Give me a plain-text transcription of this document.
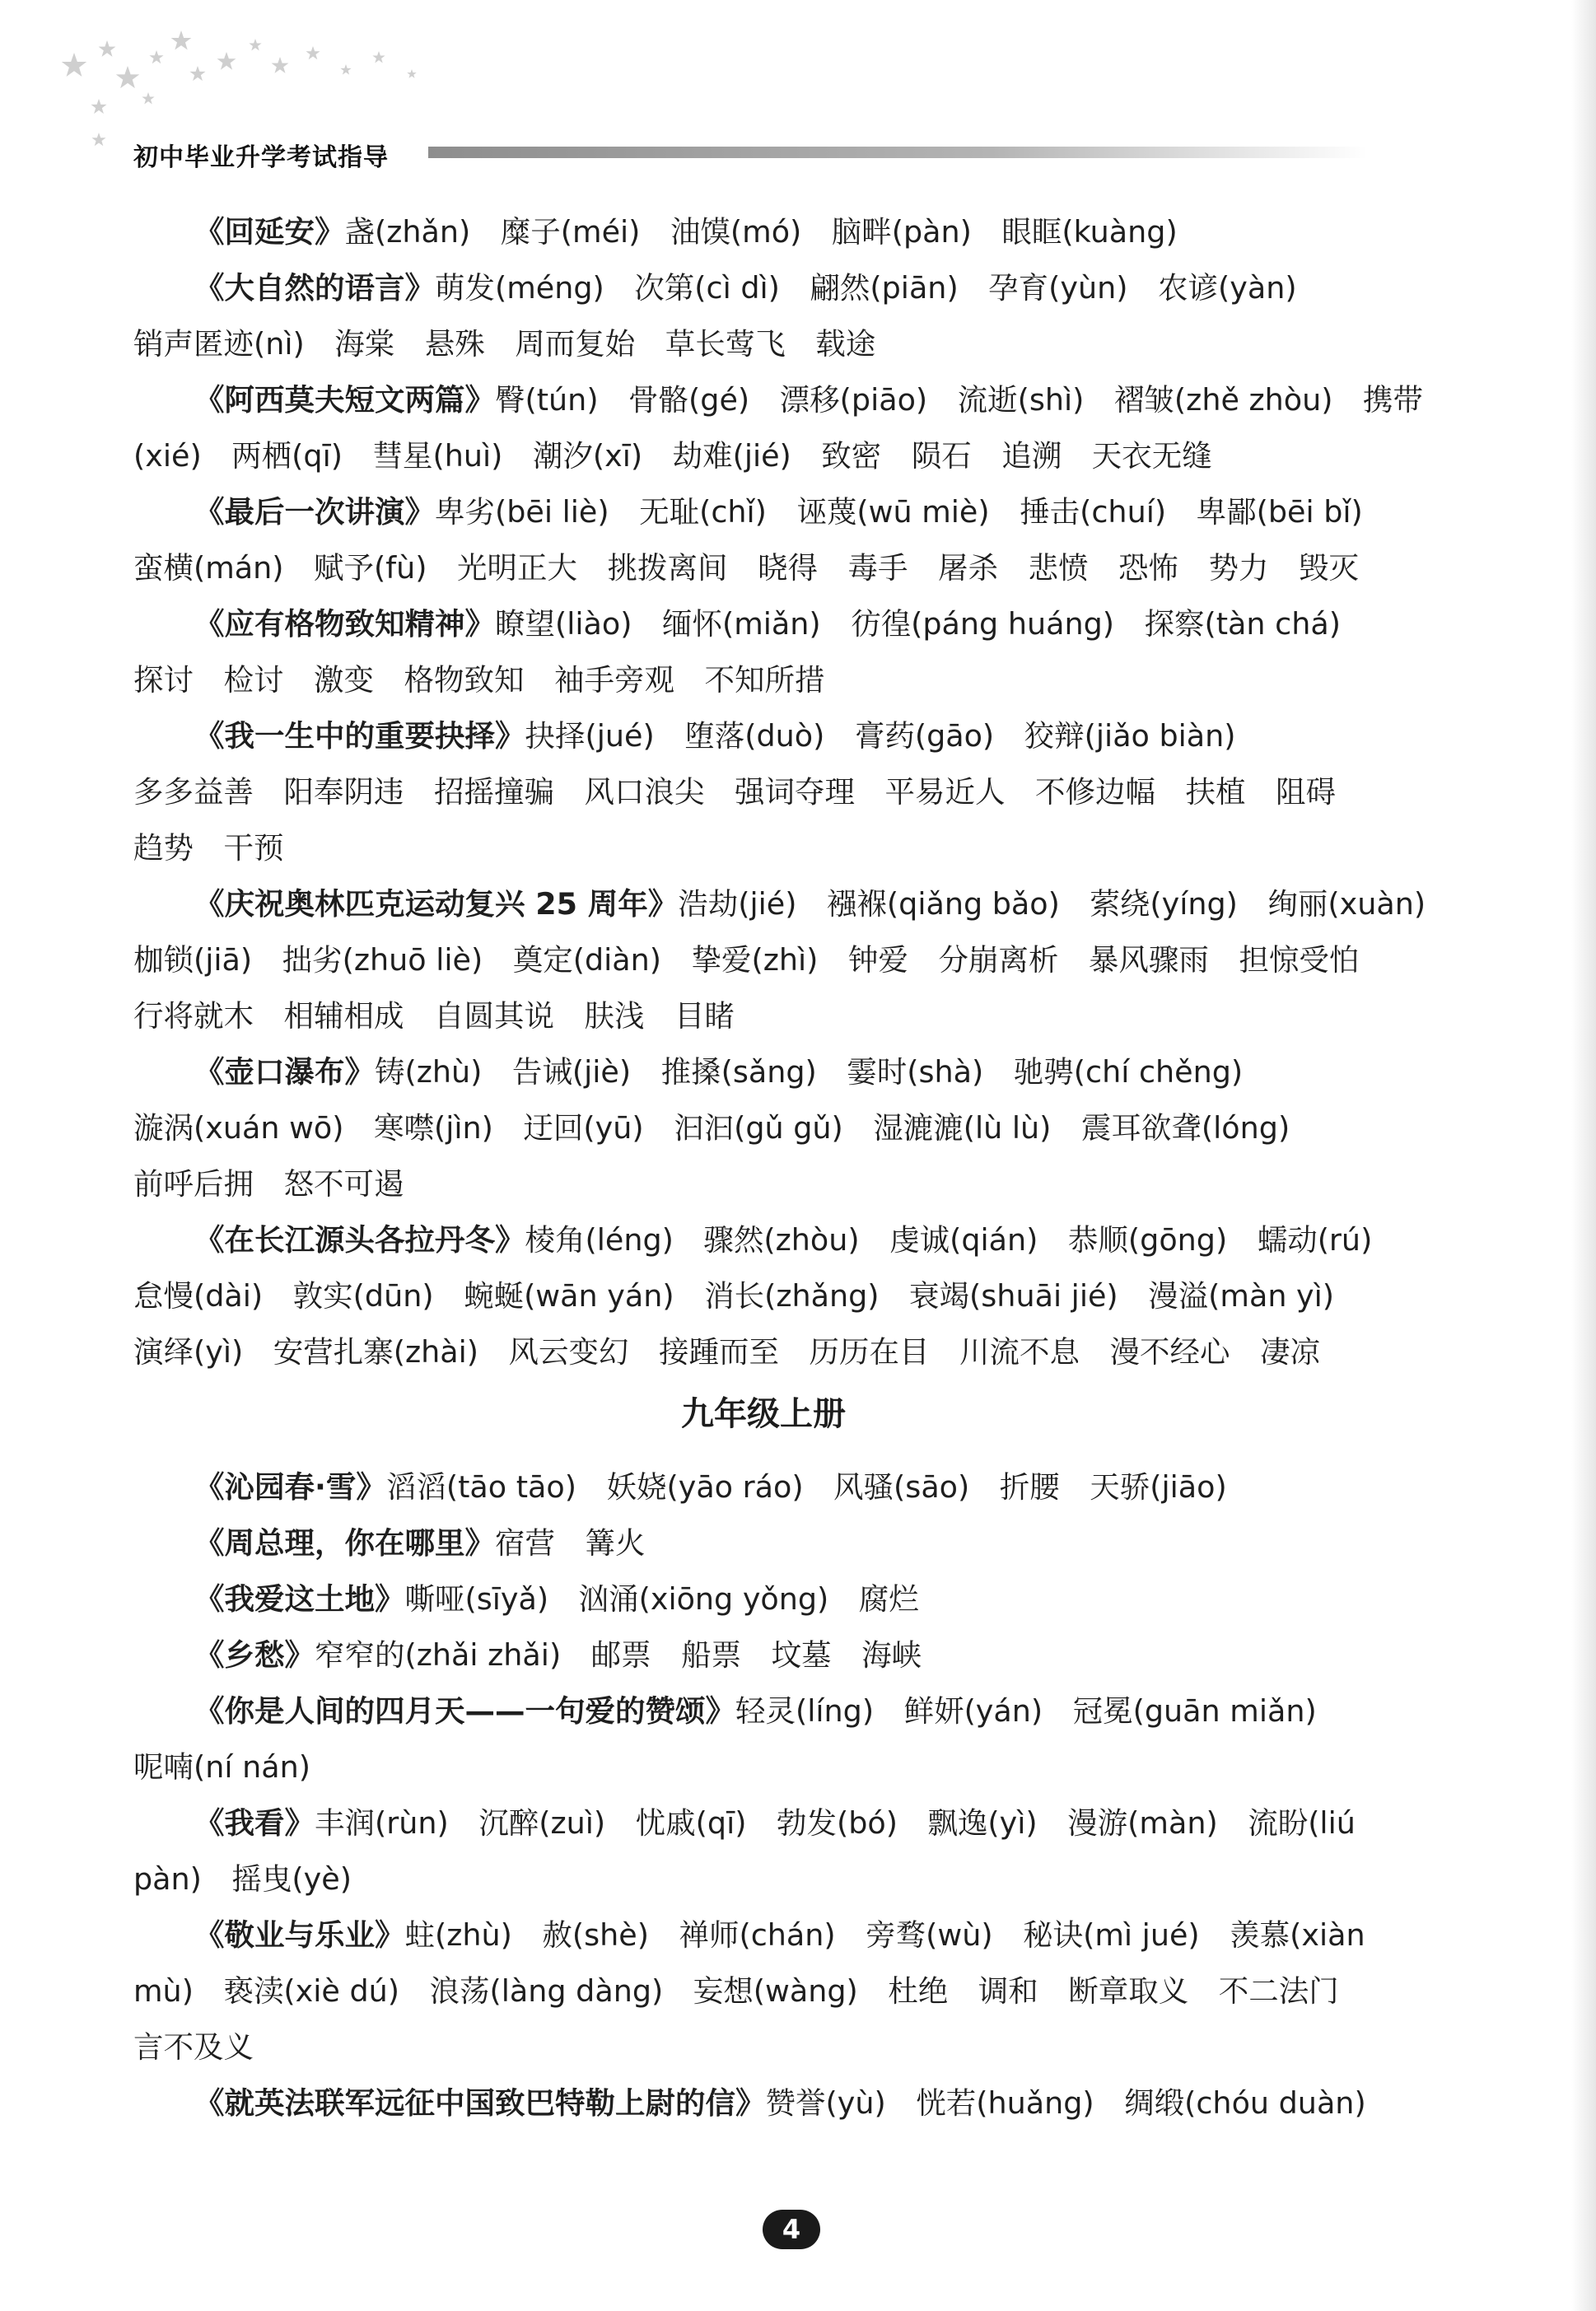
初中毕业升学考试指导
《回延安》盏(zhǎn)　糜子(méi)　油馍(mó)　脑畔(pàn)　眼眶(kuàng)
《大自然的语言》萌发(méng)　次第(cì dì)　翩然(piān)　孕育(yùn)　农谚(yàn)
销声匿迹(nì)　海棠　悬殊　周而复始　草长莺飞　载途
《阿西莫夫短文两篇》臀(tún)　骨骼(gé)　漂移(piāo)　流逝(shì)　褶皱(zhě zhòu)　携带
(xié)　两栖(qī)　彗星(huì)　潮汐(xī)　劫难(jié)　致密　陨石　追溯　天衣无缝
《最后一次讲演》卑劣(bēi liè)　无耻(chǐ)　诬蔑(wū miè)　捶击(chuí)　卑鄙(bēi bǐ)
蛮横(mán)　赋予(fù)　光明正大　挑拨离间　晓得　毒手　屠杀　悲愤　恐怖　势力　毁灭
《应有格物致知精神》瞭望(liào)　缅怀(miǎn)　彷徨(páng huáng)　探察(tàn chá)
探讨　检讨　激变　格物致知　袖手旁观　不知所措
《我一生中的重要抉择》抉择(jué)　堕落(duò)　膏药(gāo)　狡辩(jiǎo biàn)
多多益善　阳奉阴违　招摇撞骗　风口浪尖　强词夺理　平易近人　不修边幅　扶植　阻碍
趋势　干预
《庆祝奥林匹克运动复兴 25 周年》浩劫(jié)　襁褓(qiǎng bǎo)　萦绕(yíng)　绚丽(xuàn)
枷锁(jiā)　拙劣(zhuō liè)　奠定(diàn)　挚爱(zhì)　钟爱　分崩离析　暴风骤雨　担惊受怕
行将就木　相辅相成　自圆其说　肤浅　目睹
《壶口瀑布》铸(zhù)　告诫(jiè)　推搡(sǎng)　霎时(shà)　驰骋(chí chěng)
漩涡(xuán wō)　寒噤(jìn)　迂回(yū)　汩汩(gǔ gǔ)　湿漉漉(lù lù)　震耳欲聋(lóng)
前呼后拥　怒不可遏
《在长江源头各拉丹冬》棱角(léng)　骤然(zhòu)　虔诚(qián)　恭顺(gōng)　蠕动(rú)
怠慢(dài)　敦实(dūn)　蜿蜒(wān yán)　消长(zhǎng)　衰竭(shuāi jié)　漫溢(màn yì)
演绎(yì)　安营扎寨(zhài)　风云变幻　接踵而至　历历在目　川流不息　漫不经心　凄凉
九年级上册
《沁园春·雪》滔滔(tāo tāo)　妖娆(yāo ráo)　风骚(sāo)　折腰　天骄(jiāo)
《周总理，你在哪里》宿营　篝火
《我爱这土地》嘶哑(sīyǎ)　汹涌(xiōng yǒng)　腐烂
《乡愁》窄窄的(zhǎi zhǎi)　邮票　船票　坟墓　海峡
《你是人间的四月天——一句爱的赞颂》轻灵(líng)　鲜妍(yán)　冠冕(guān miǎn)
呢喃(ní nán)
《我看》丰润(rùn)　沉醉(zuì)　忧戚(qī)　勃发(bó)　飘逸(yì)　漫游(màn)　流盼(liú
pàn)　摇曳(yè)
《敬业与乐业》蛀(zhù)　赦(shè)　禅师(chán)　旁骛(wù)　秘诀(mì jué)　羡慕(xiàn
mù)　亵渎(xiè dú)　浪荡(làng dàng)　妄想(wàng)　杜绝　调和　断章取义　不二法门
言不及义
《就英法联军远征中国致巴特勒上尉的信》赞誉(yù)　恍若(huǎng)　绸缎(chóu duàn)
4
